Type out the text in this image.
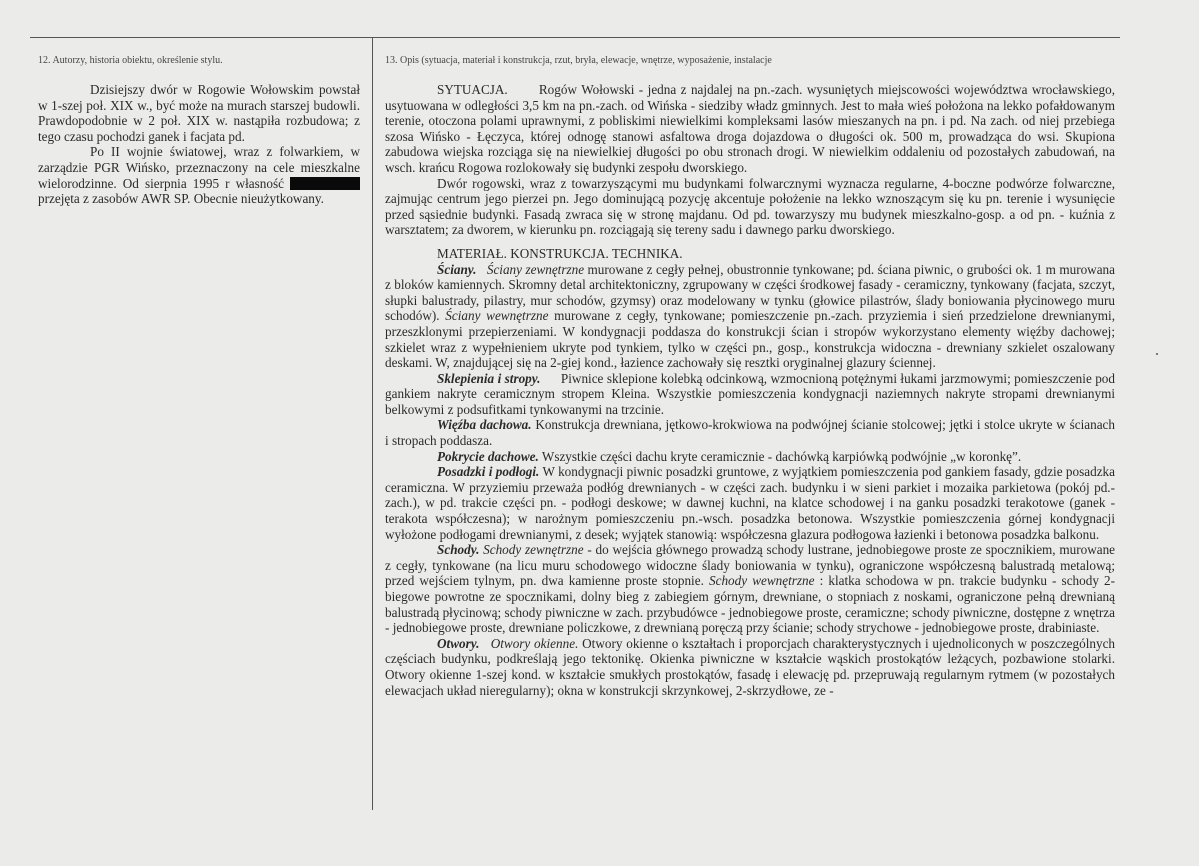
12. Autorzy, historia obiektu, określenie stylu.

Dzisiejszy dwór w Rogowie Wołowskim powstał w 1-szej poł. XIX w., być może na murach starszej budowli. Prawdopodobnie w 2 poł. XIX w. nastąpiła rozbudowa; z tego czasu pochodzi ganek i facjata pd.

Po II wojnie światowej, wraz z folwarkiem, w zarządzie PGR Wińsko, przeznaczony na cele mieszkalne wielorodzinne. Od sierpnia 1995 r własność  przejęta z zasobów AWR SP. Obecnie nieużytkowany.

13. Opis (sytuacja, materiał i konstrukcja, rzut, bryła, elewacje, wnętrze, wyposażenie, instalacje

SYTUACJA. Rogów Wołowski - jedna z najdalej na pn.-zach. wysuniętych miejscowości województwa wrocławskiego, usytuowana w odległości 3,5 km na pn.-zach. od Wińska - siedziby władz gminnych. Jest to mała wieś położona na lekko pofałdowanym terenie, otoczona polami uprawnymi, z pobliskimi niewielkimi kompleksami lasów mieszanych na pn. i pd. Na zach. od niej przebiega szosa Wińsko - Łęczyca, której odnogę stanowi asfaltowa droga dojazdowa o długości ok. 500 m, prowadząca do wsi. Skupiona zabudowa wiejska rozciąga się na niewielkiej długości po obu stronach drogi. W niewielkim oddaleniu od pozostałych zabudowań, na wsch. krańcu Rogowa rozlokowały się budynki zespołu dworskiego.

Dwór rogowski, wraz z towarzyszącymi mu budynkami folwarcznymi wyznacza regularne, 4-boczne podwórze folwarczne, zajmując centrum jego pierzei pn. Jego dominującą pozycję akcentuje położenie na lekko wznoszącym się ku pn. terenie i wysunięcie przed sąsiednie budynki. Fasadą zwraca się w stronę majdanu. Od pd. towarzyszy mu budynek mieszkalno-gosp. a od pn. - kuźnia z warsztatem; za dworem, w kierunku pn. rozciągają się tereny sadu i dawnego parku dworskiego.

MATERIAŁ. KONSTRUKCJA. TECHNIKA.

Ściany. Ściany zewnętrzne murowane z cegły pełnej, obustronnie tynkowane; pd. ściana piwnic, o grubości ok. 1 m murowana z bloków kamiennych. Skromny detal architektoniczny, zgrupowany w części środkowej fasady - ceramiczny, tynkowany (facjata, szczyt, słupki balustrady, pilastry, mur schodów, gzymsy) oraz modelowany w tynku (głowice pilastrów, ślady boniowania płycinowego muru schodów). Ściany wewnętrzne murowane z cegły, tynkowane; pomieszczenie pn.-zach. przyziemia i sień przedzielone drewnianymi, przeszklonymi przepierzeniami. W kondygnacji poddasza do konstrukcji ścian i stropów wykorzystano elementy więźby dachowej; szkielet wraz z wypełnieniem ukryte pod tynkiem, tylko w części pn., gosp., konstrukcja widoczna - drewniany szkielet oszalowany deskami. W, znajdującej się na 2-giej kond., łazience zachowały się resztki oryginalnej glazury ściennej.

Sklepienia i stropy. Piwnice sklepione kolebką odcinkową, wzmocnioną potężnymi łukami jarzmowymi; pomieszczenie pod gankiem nakryte ceramicznym stropem Kleina. Wszystkie pomieszczenia kondygnacji naziemnych nakryte stropami drewnianymi belkowymi z podsufitkami tynkowanymi na trzcinie.

Więźba dachowa. Konstrukcja drewniana, jętkowo-krokwiowa na podwójnej ścianie stolcowej; jętki i stolce ukryte w ścianach i stropach poddasza.

Pokrycie dachowe. Wszystkie części dachu kryte ceramicznie - dachówką karpiówką podwójnie „w koronkę”.

Posadzki i podłogi. W kondygnacji piwnic posadzki gruntowe, z wyjątkiem pomieszczenia pod gankiem fasady, gdzie posadzka ceramiczna. W przyziemiu przeważa podłóg drewnianych - w części zach. budynku i w sieni parkiet i mozaika parkietowa (pokój pd.-zach.), w pd. trakcie części pn. - podłogi deskowe; w dawnej kuchni, na klatce schodowej i na ganku posadzki terakotowe (ganek - terakota współczesna); w narożnym pomieszczeniu pn.-wsch. posadzka betonowa. Wszystkie pomieszczenia górnej kondygnacji wyłożone podłogami drewnianymi, z desek; wyjątek stanowią: współczesna glazura podłogowa łazienki i betonowa posadzka balkonu.

Schody. Schody zewnętrzne - do wejścia głównego prowadzą schody lustrane, jednobiegowe proste ze spocznikiem, murowane z cegły, tynkowane (na licu muru schodowego widoczne ślady boniowania w tynku), ograniczone współczesną balustradą metalową; przed wejściem tylnym, pn. dwa kamienne proste stopnie. Schody wewnętrzne : klatka schodowa w pn. trakcie budynku - schody 2-biegowe powrotne ze spocznikami, dolny bieg z zabiegiem górnym, drewniane, o stopniach z noskami, ograniczone pełną drewnianą balustradą płycinową; schody piwniczne w zach. przybudówce - jednobiegowe proste, ceramiczne; schody piwniczne, dostępne z wnętrza - jednobiegowe proste, drewniane policzkowe, z drewnianą poręczą przy ścianie; schody strychowe - jednobiegowe proste, drabiniaste.

Otwory. Otwory okienne. Otwory okienne o kształtach i proporcjach charakterystycznych i ujednoliconych w poszczególnych częściach budynku, podkreślają jego tektonikę. Okienka piwniczne w kształcie wąskich prostokątów leżących, pozbawione stolarki. Otwory okienne 1-szej kond. w kształcie smukłych prostokątów, fasadę i elewację pd. przepruwają regularnym rytmem (w pozostałych elewacjach układ nieregularny); okna w konstrukcji skrzynkowej, 2-skrzydłowe, ze -
